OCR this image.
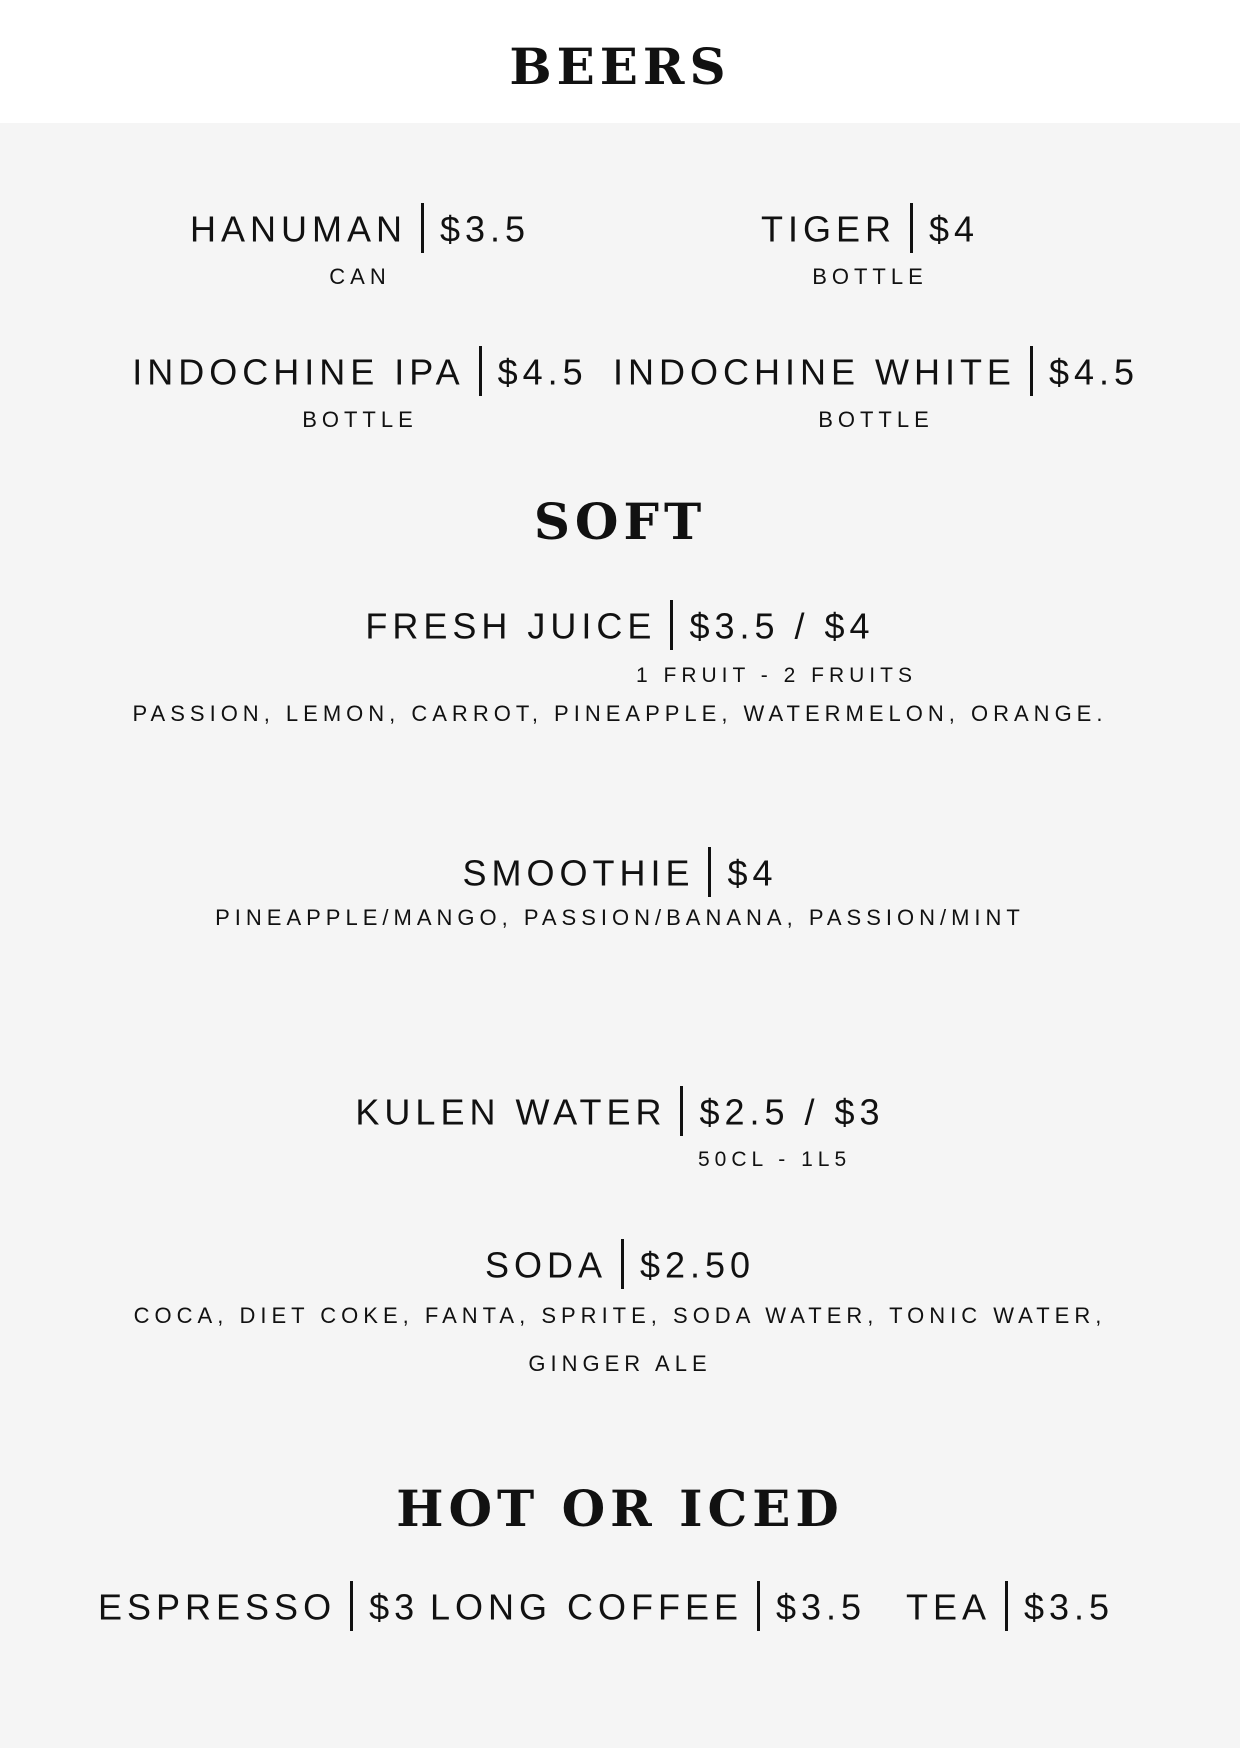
BEERS
HANUMAN $3.5
CAN
TIGER $4
BOTTLE
INDOCHINE IPA $4.5
BOTTLE
INDOCHINE WHITE $4.5
BOTTLE
SOFT
FRESH JUICE $3.5 / $4
1 FRUIT - 2 FRUITS
PASSION, LEMON, CARROT, PINEAPPLE, WATERMELON, ORANGE.
SMOOTHIE $4
PINEAPPLE/MANGO, PASSION/BANANA, PASSION/MINT
KULEN WATER $2.5 / $3
50CL - 1L5
SODA $2.50
COCA, DIET COKE, FANTA, SPRITE, SODA WATER, TONIC WATER,
GINGER ALE
HOT OR ICED
ESPRESSO $3 LONG COFFEE $3.5	TEA $3.5
